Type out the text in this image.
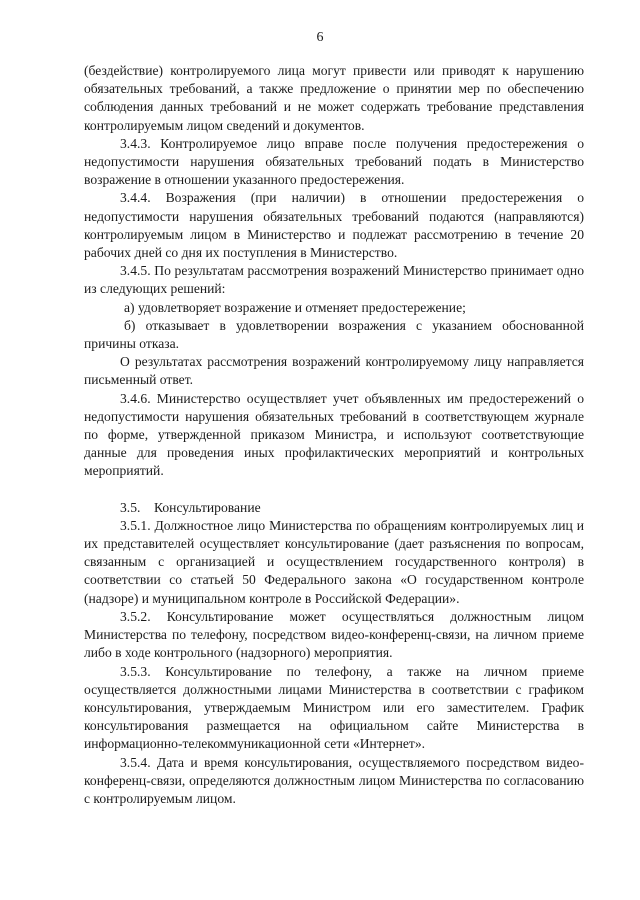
6

(бездействие) контролируемого лица могут привести или приводят к нарушению обязательных требований, а также предложение о принятии мер по обеспечению соблюдения данных требований и не может содержать требование представления контролируемым лицом сведений и документов.

3.4.3. Контролируемое лицо вправе после получения предостережения о недопустимости нарушения обязательных требований подать в Министерство возражение в отношении указанного предостережения.

3.4.4. Возражения (при наличии) в отношении предостережения о недопустимости нарушения обязательных требований подаются (направляются) контролируемым лицом в Министерство и подлежат рассмотрению в течение 20 рабочих дней со дня их поступления в Министерство.

3.4.5. По результатам рассмотрения возражений Министерство принимает одно из следующих решений:

а) удовлетворяет возражение и отменяет предостережение;

б) отказывает в удовлетворении возражения с указанием обоснованной причины отказа.

О результатах рассмотрения возражений контролируемому лицу направляется письменный ответ.

3.4.6. Министерство осуществляет учет объявленных им предостережений о недопустимости нарушения обязательных требований в соответствующем журнале по форме, утвержденной приказом Министра, и используют соответствующие данные для проведения иных профилактических мероприятий и контрольных мероприятий.

3.5.    Консультирование

3.5.1. Должностное лицо Министерства по обращениям контролируемых лиц и их представителей осуществляет консультирование (дает разъяснения по вопросам, связанным с организацией и осуществлением государственного контроля) в соответствии со статьей 50 Федерального закона «О государственном контроле (надзоре) и муниципальном контроле в Российской Федерации».

3.5.2. Консультирование может осуществляться должностным лицом Министерства по телефону, посредством видео-конференц-связи, на личном приеме либо в ходе контрольного (надзорного) мероприятия.

3.5.3. Консультирование по телефону, а также на личном приеме осуществляется должностными лицами Министерства в соответствии с графиком консультирования, утверждаемым Министром или его заместителем. График консультирования размещается на официальном сайте Министерства в информационно-телекоммуникационной сети «Интернет».

3.5.4. Дата и время консультирования, осуществляемого посредством видео-конференц-связи, определяются должностным лицом Министерства по согласованию с контролируемым лицом.
